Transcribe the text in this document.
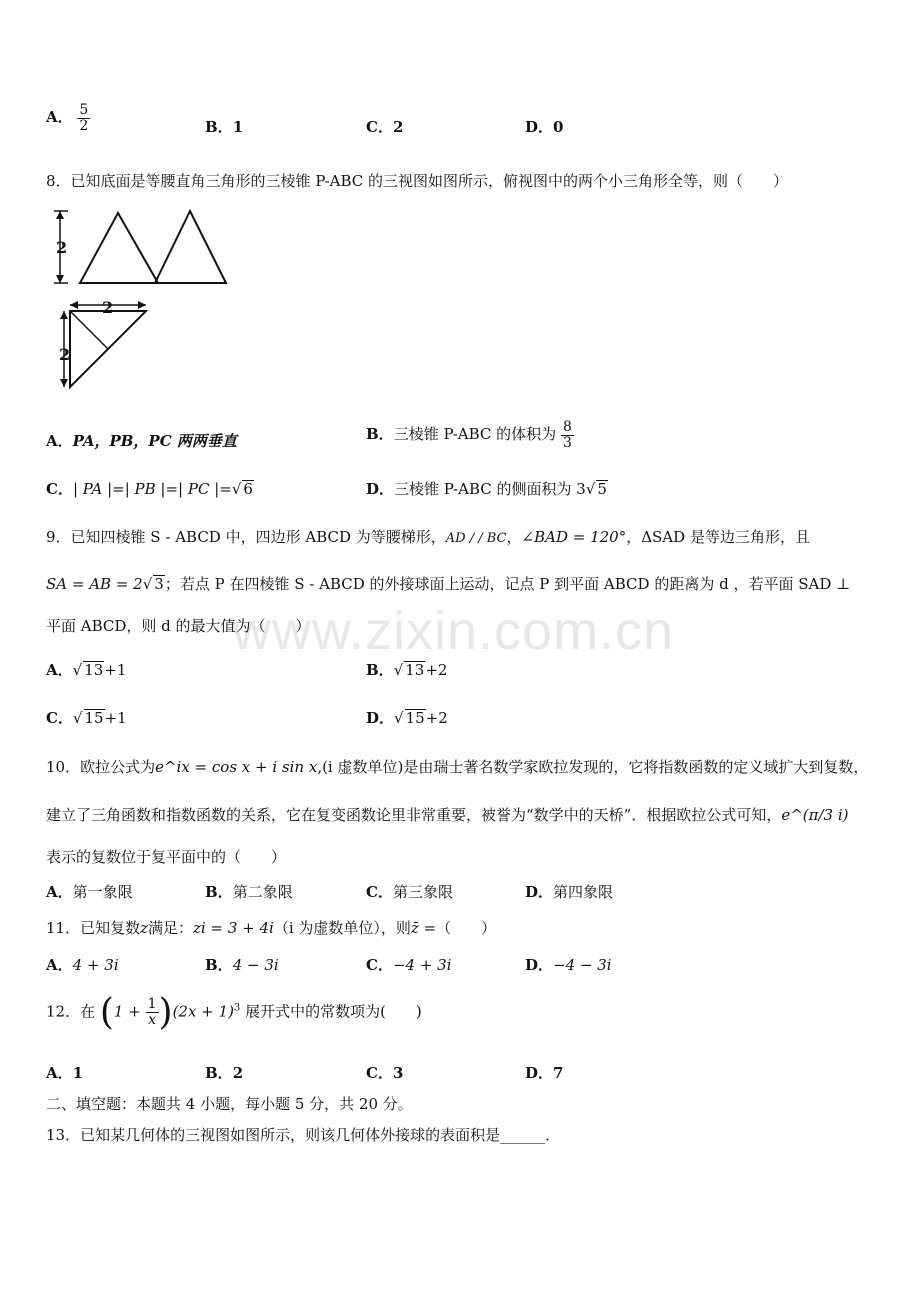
www.zixin.com.cn
A． $\frac{5}{2}$	B．1	C．2	D．0
8．已知底面是等腰直角三角形的三棱锥 P-ABC 的三视图如图所示，俯视图中的两个小三角形全等，则（　　）
2
2
2
A．PA，PB，PC 两两垂直	B．三棱锥 P-ABC 的体积为 $\frac{8}{3}$
C．| PA |=| PB |=| PC |=√ 6	D．三棱锥 P-ABC 的侧面积为 3√ 5
9．已知四棱锥 S - ABCD 中，四边形 ABCD 为等腰梯形，AD / / BC，∠BAD = 120°，ΔSAD 是等边三角形，且
SA = AB = 2√ 3；若点 P 在四棱锥 S - ABCD 的外接球面上运动，记点 P 到平面 ABCD 的距离为 d ，若平面 SAD ⊥
平面 ABCD，则 d 的最大值为（　　）
A．√ 13+1	B．√ 13+2
C．√ 15+1	D．√ 15+2
10．欧拉公式为e^ix = cos x + i sin x,(i 虚数单位)是由瑞士著名数学家欧拉发现的，它将指数函数的定义域扩大到复数，
建立了三角函数和指数函数的关系，它在复变函数论里非常重要，被誉为“数学中的天桥”．根据欧拉公式可知，e^(π/3 i)
表示的复数位于复平面中的（　　）
A．第一象限	B．第二象限	C．第三象限	D．第四象限
11．已知复数z满足：zi = 3 + 4i（i 为虚数单位），则z̄ =（　　）
A．4 + 3i	B．4 − 3i	C．−4 + 3i	D．−4 − 3i
12．在 $(1 + \frac{1}{x} )(2x + 1)^3$ 展开式中的常数项为(　　)
A．1	B．2	C．3	D．7
二、填空题：本题共 4 小题，每小题 5 分，共 20 分。
13．已知某几何体的三视图如图所示，则该几何体外接球的表面积是______．
